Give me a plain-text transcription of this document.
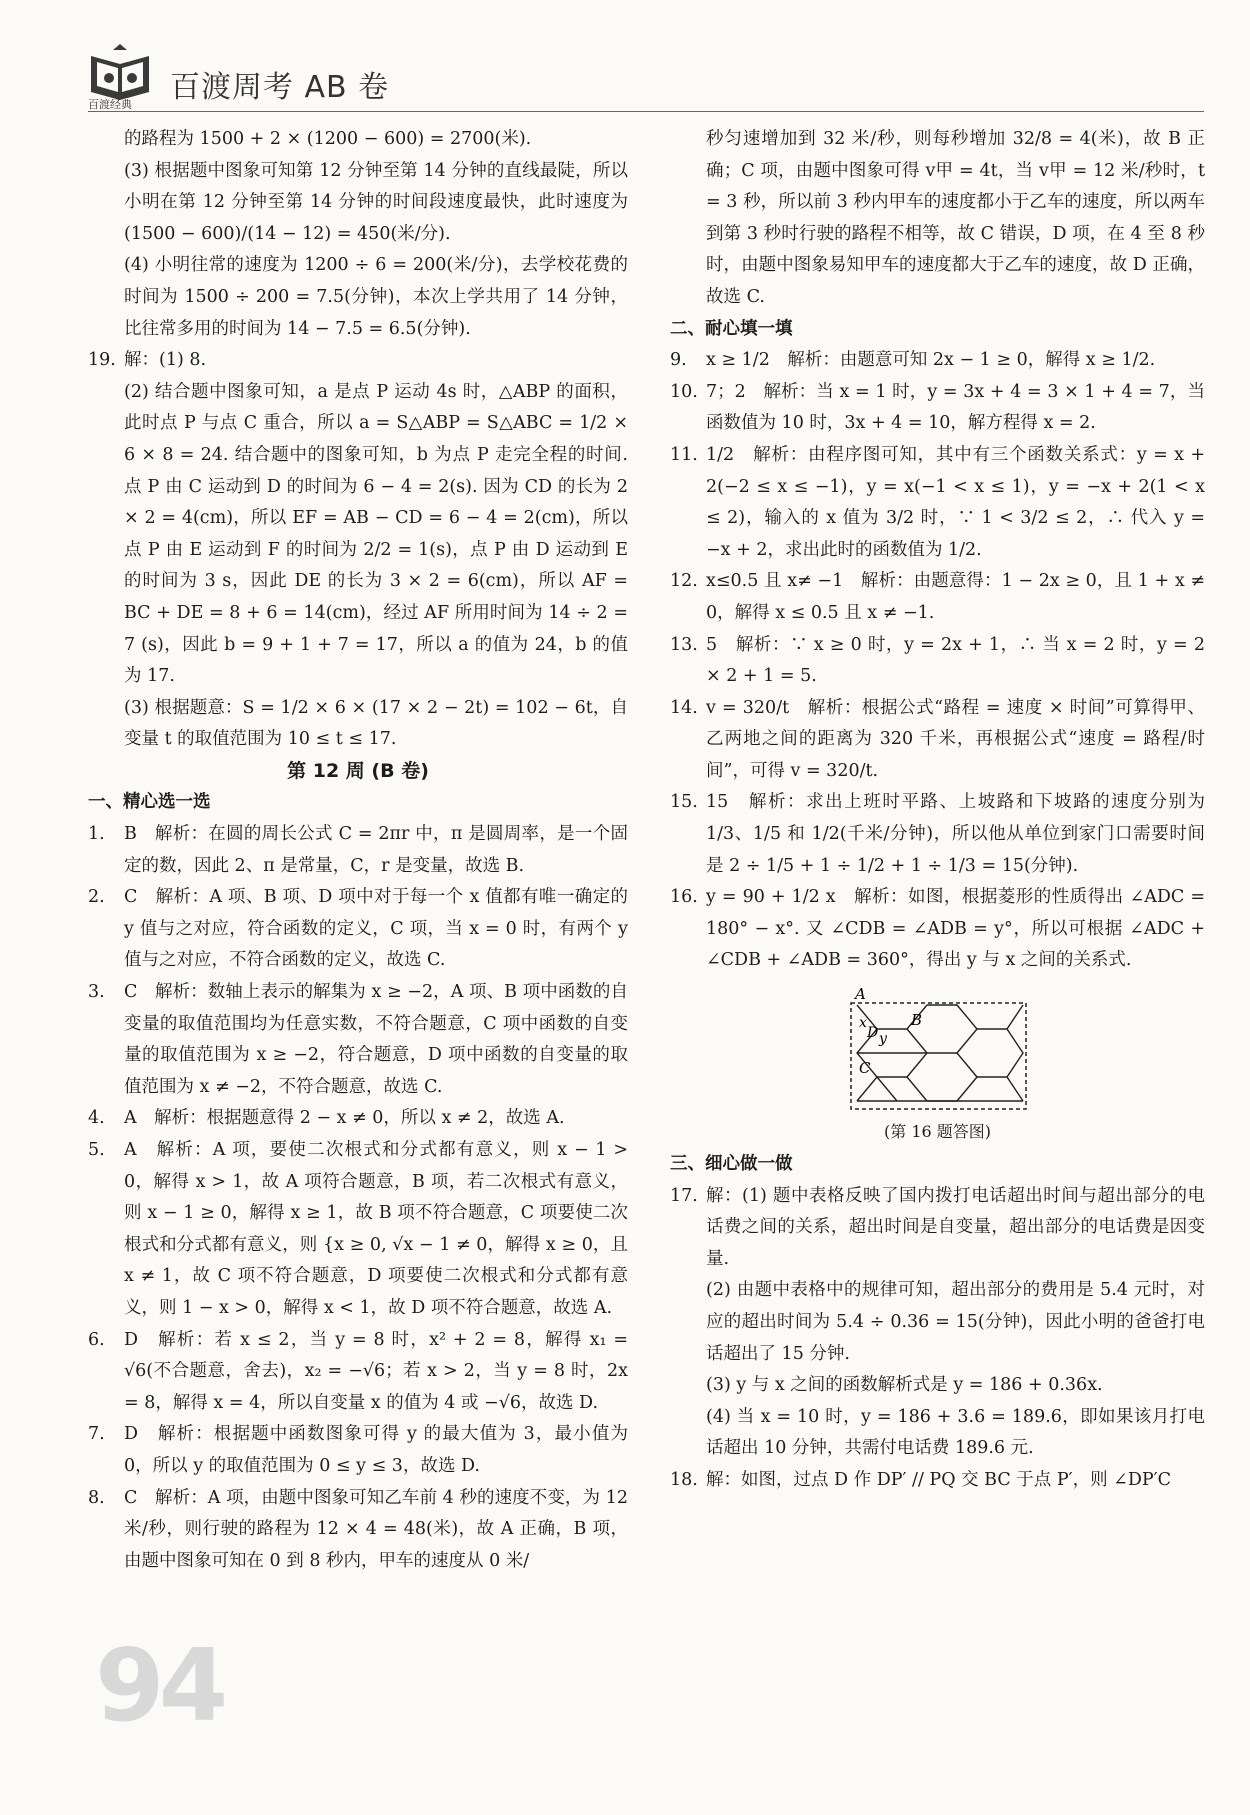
百渡经典 百渡周考 AB 卷
的路程为 1500 + 2 × (1200 − 600) = 2700(米).
(3) 根据题中图象可知第 12 分钟至第 14 分钟的直线最陡，所以小明在第 12 分钟至第 14 分钟的时间段速度最快，此时速度为 (1500 − 600)/(14 − 12) = 450(米/分).
(4) 小明往常的速度为 1200 ÷ 6 = 200(米/分)，去学校花费的时间为 1500 ÷ 200 = 7.5(分钟)，本次上学共用了 14 分钟，比往常多用的时间为 14 − 7.5 = 6.5(分钟).
19. 解：(1) 8.
(2) 结合题中图象可知，a 是点 P 运动 4s 时，△ABP 的面积，此时点 P 与点 C 重合，所以 a = S△ABP = S△ABC = 1/2 × 6 × 8 = 24. 结合题中的图象可知，b 为点 P 走完全程的时间. 点 P 由 C 运动到 D 的时间为 6 − 4 = 2(s). 因为 CD 的长为 2 × 2 = 4(cm)，所以 EF = AB − CD = 6 − 4 = 2(cm)，所以点 P 由 E 运动到 F 的时间为 2/2 = 1(s)，点 P 由 D 运动到 E 的时间为 3 s，因此 DE 的长为 3 × 2 = 6(cm)，所以 AF = BC + DE = 8 + 6 = 14(cm)，经过 AF 所用时间为 14 ÷ 2 = 7 (s)，因此 b = 9 + 1 + 7 = 17，所以 a 的值为 24，b 的值为 17.
(3) 根据题意：S = 1/2 × 6 × (17 × 2 − 2t) = 102 − 6t，自变量 t 的取值范围为 10 ≤ t ≤ 17.
第 12 周 (B 卷)
一、精心选一选
1.	B　解析：在圆的周长公式 C = 2πr 中，π 是圆周率，是一个固定的数，因此 2、π 是常量，C，r 是变量，故选 B.
2.	C　解析：A 项、B 项、D 项中对于每一个 x 值都有唯一确定的 y 值与之对应，符合函数的定义，C 项，当 x = 0 时，有两个 y 值与之对应，不符合函数的定义，故选 C.
3.	C　解析：数轴上表示的解集为 x ≥ −2，A 项、B 项中函数的自变量的取值范围均为任意实数，不符合题意，C 项中函数的自变量的取值范围为 x ≥ −2，符合题意，D 项中函数的自变量的取值范围为 x ≠ −2，不符合题意，故选 C.
4.	A　解析：根据题意得 2 − x ≠ 0，所以 x ≠ 2，故选 A.
5.	A　解析：A 项，要使二次根式和分式都有意义，则 x − 1 > 0，解得 x > 1，故 A 项符合题意，B 项，若二次根式有意义，则 x − 1 ≥ 0，解得 x ≥ 1，故 B 项不符合题意，C 项要使二次根式和分式都有意义，则 {x ≥ 0, √x − 1 ≠ 0，解得 x ≥ 0，且 x ≠ 1，故 C 项不符合题意，D 项要使二次根式和分式都有意义，则 1 − x > 0，解得 x < 1，故 D 项不符合题意，故选 A.
6.	D　解析：若 x ≤ 2，当 y = 8 时，x² + 2 = 8，解得 x₁ = √6(不合题意，舍去)，x₂ = −√6；若 x > 2，当 y = 8 时，2x = 8，解得 x = 4，所以自变量 x 的值为 4 或 −√6，故选 D.
7.	D　解析：根据题中函数图象可得 y 的最大值为 3，最小值为 0，所以 y 的取值范围为 0 ≤ y ≤ 3，故选 D.
8.	C　解析：A 项，由题中图象可知乙车前 4 秒的速度不变，为 12 米/秒，则行驶的路程为 12 × 4 = 48(米)，故 A 正确，B 项，由题中图象可知在 0 到 8 秒内，甲车的速度从 0 米/
秒匀速增加到 32 米/秒，则每秒增加 32/8 = 4(米)，故 B 正确；C 项，由题中图象可得 v甲 = 4t，当 v甲 = 12 米/秒时，t = 3 秒，所以前 3 秒内甲车的速度都小于乙车的速度，所以两车到第 3 秒时行驶的路程不相等，故 C 错误，D 项，在 4 至 8 秒时，由题中图象易知甲车的速度都大于乙车的速度，故 D 正确，故选 C.
二、耐心填一填
9.	x ≥ 1/2　解析：由题意可知 2x − 1 ≥ 0，解得 x ≥ 1/2.
10. 7；2　解析：当 x = 1 时，y = 3x + 4 = 3 × 1 + 4 = 7，当函数值为 10 时，3x + 4 = 10，解方程得 x = 2.
11. 1/2　解析：由程序图可知，其中有三个函数关系式：y = x + 2(−2 ≤ x ≤ −1)，y = x(−1 < x ≤ 1)，y = −x + 2(1 < x ≤ 2)，输入的 x 值为 3/2 时，∵ 1 < 3/2 ≤ 2，∴ 代入 y = −x + 2，求出此时的函数值为 1/2.
12. x≤0.5 且 x≠ −1　解析：由题意得：1 − 2x ≥ 0，且 1 + x ≠ 0，解得 x ≤ 0.5 且 x ≠ −1.
13. 5　解析：∵ x ≥ 0 时，y = 2x + 1，∴ 当 x = 2 时，y = 2 × 2 + 1 = 5.
14. v = 320/t　解析：根据公式“路程 = 速度 × 时间”可算得甲、乙两地之间的距离为 320 千米，再根据公式“速度 = 路程/时间”，可得 v = 320/t.
15. 15　解析：求出上班时平路、上坡路和下坡路的速度分别为 1/3、1/5 和 1/2(千米/分钟)，所以他从单位到家门口需要时间是 2 ÷ 1/5 + 1 ÷ 1/2 + 1 ÷ 1/3 = 15(分钟).
16. y = 90 + 1/2 x　解析：如图，根据菱形的性质得出 ∠ADC = 180° − x°. 又 ∠CDB = ∠ADB = y°，所以可根据 ∠ADC + ∠CDB + ∠ADB = 360°，得出 y 与 x 之间的关系式.
A
B
x
D y
C
(第 16 题答图)
三、细心做一做
17. 解：(1) 题中表格反映了国内拨打电话超出时间与超出部分的电话费之间的关系，超出时间是自变量，超出部分的电话费是因变量.
(2) 由题中表格中的规律可知，超出部分的费用是 5.4 元时，对应的超出时间为 5.4 ÷ 0.36 = 15(分钟)，因此小明的爸爸打电话超出了 15 分钟.
(3) y 与 x 之间的函数解析式是 y = 186 + 0.36x.
(4) 当 x = 10 时，y = 186 + 3.6 = 189.6，即如果该月打电话超出 10 分钟，共需付电话费 189.6 元.
18. 解：如图，过点 D 作 DP′ // PQ 交 BC 于点 P′，则 ∠DP′C
94
